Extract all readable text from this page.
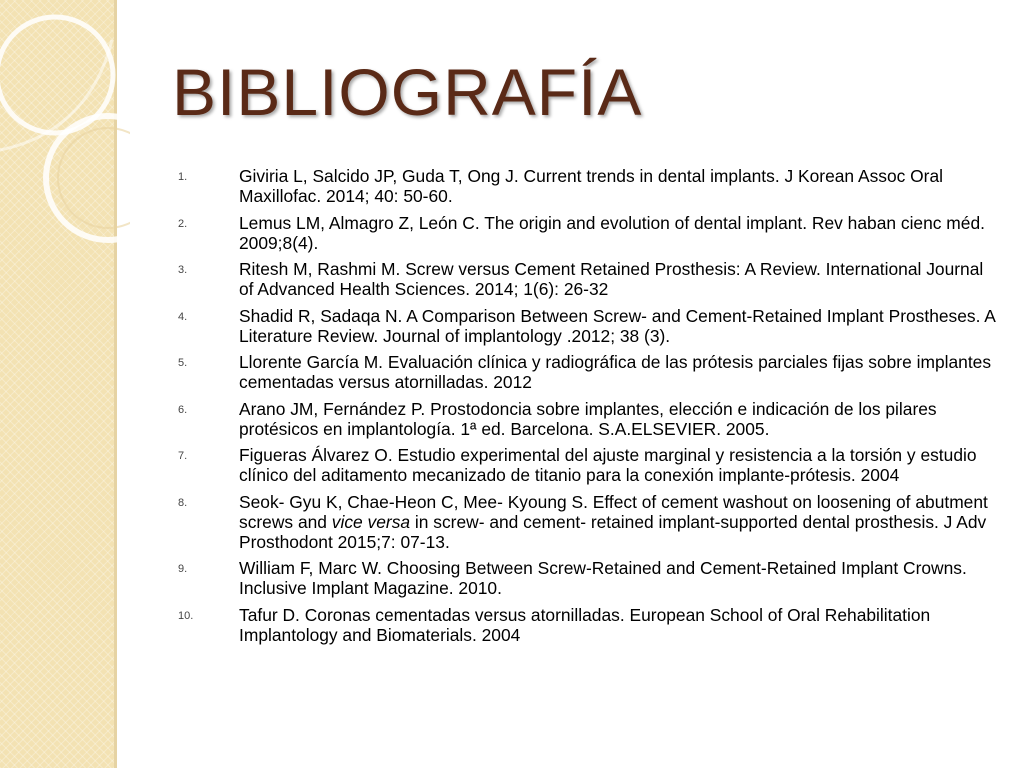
BIBLIOGRAFÍA
1.	Giviria L, Salcido JP, Guda T, Ong J. Current trends in dental implants. J Korean Assoc Oral Maxillofac. 2014; 40: 50-60.
2.	Lemus LM, Almagro Z, León C. The origin and evolution of dental implant. Rev haban cienc méd. 2009;8(4).
3.	Ritesh M, Rashmi M. Screw versus Cement Retained Prosthesis: A Review. International Journal of Advanced Health Sciences. 2014; 1(6): 26-32
4.	Shadid R, Sadaqa N. A Comparison Between Screw- and Cement-Retained Implant Prostheses. A Literature Review. Journal of implantology .2012; 38 (3).
5.	Llorente García M. Evaluación clínica y radiográfica de las prótesis parciales fijas sobre implantes cementadas versus atornilladas. 2012
6.	Arano JM, Fernández P. Prostodoncia sobre implantes, elección e indicación de los pilares protésicos en implantología. 1ª ed. Barcelona. S.A.ELSEVIER. 2005.
7.	Figueras Álvarez O. Estudio experimental del ajuste marginal y resistencia a la torsión y estudio clínico del aditamento mecanizado de titanio para la conexión implante-prótesis. 2004
8.	Seok- Gyu K, Chae-Heon C, Mee- Kyoung S. Effect of cement washout on loosening of abutment screws and vice versa in screw- and cement- retained implant-supported dental prosthesis. J Adv Prosthodont 2015;7: 07-13.
9.	William F, Marc W. Choosing Between Screw-Retained and Cement-Retained Implant Crowns. Inclusive Implant Magazine. 2010.
10.	Tafur D. Coronas cementadas versus atornilladas. European School of Oral Rehabilitation Implantology and Biomaterials. 2004
